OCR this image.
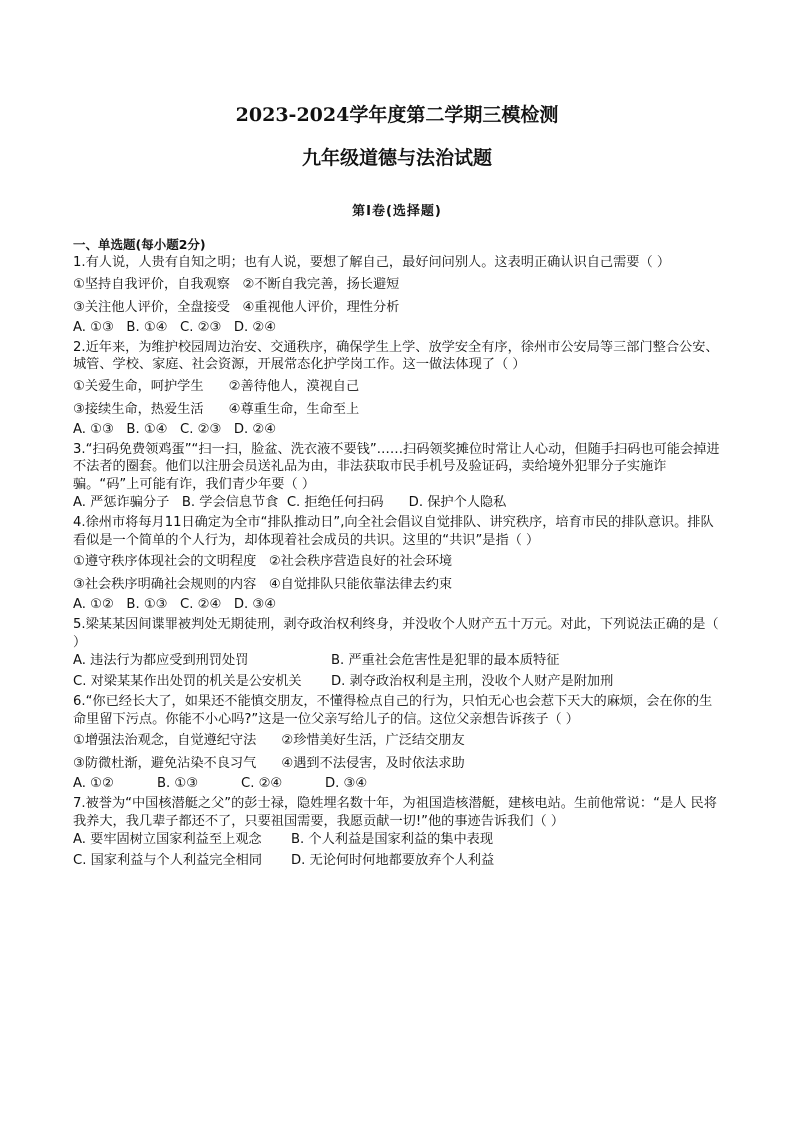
2023-2024学年度第二学期三模检测
九年级道德与法治试题
第Ⅰ卷(选择题)
一、单选题(每小题2分)

1.有人说，人贵有自知之明；也有人说，要想了解自己，最好问问别人。这表明正确认识自己需要（ ）

①坚持自我评价，自我观察   ②不断自我完善，扬长避短

③关注他人评价，全盘接受   ④重视他人评价，理性分析

A. ①③   B. ①④   C. ②③   D. ②④

2.近年来，为维护校园周边治安、交通秩序，确保学生上学、放学安全有序，徐州市公安局等三部门整合公安、城管、学校、家庭、社会资源，开展常态化护学岗工作。这一做法体现了（ ）

①关爱生命，呵护学生      ②善待他人，漠视自己

③接续生命，热爱生活      ④尊重生命，生命至上

A. ①③   B. ①④   C. ②③   D. ②④

3.“扫码免费领鸡蛋”“扫一扫，脸盆、洗衣液不要钱”……扫码领奖摊位时常让人心动，但随手扫码也可能会掉进不法者的圈套。他们以注册会员送礼品为由，非法获取市民手机号及验证码，卖给境外犯罪分子实施诈骗。“码”上可能有诈，我们青少年要（ ）

A. 严惩诈骗分子   B. 学会信息节食  C. 拒绝任何扫码      D. 保护个人隐私

4.徐州市将每月11日确定为全市“排队推动日”,向全社会倡议自觉排队、讲究秩序，培育市民的排队意识。排队看似是一个简单的个人行为，却体现着社会成员的共识。这里的“共识”是指（ ）

①遵守秩序体现社会的文明程度   ②社会秩序营造良好的社会环境

③社会秩序明确社会规则的内容   ④自觉排队只能依靠法律去约束

A. ①②   B. ①③   C. ②④   D. ③④

5.梁某某因间谍罪被判处无期徒刑，剥夺政治权利终身，并没收个人财产五十万元。对此，下列说法正确的是（ ）

A. 违法行为都应受到刑罚处罚	B. 严重社会危害性是犯罪的最本质特征
C. 对梁某某作出处罚的机关是公安机关	D. 剥夺政治权利是主刑，没收个人财产是附加刑

6.“你已经长大了，如果还不能慎交朋友，不懂得检点自己的行为，只怕无心也会惹下天大的麻烦，会在你的生命里留下污点。你能不小心吗?”这是一位父亲写给儿子的信。这位父亲想告诉孩子（ ）

①增强法治观念，自觉遵纪守法      ②珍惜美好生活，广泛结交朋友

③防微杜渐，避免沾染不良习气      ④遇到不法侵害，及时依法求助

A. ①②	B. ①③	C. ②④	D. ③④

7.被誉为“中国核潜艇之父”的彭士禄，隐姓埋名数十年，为祖国造核潜艇，建核电站。生前他常说：“是人 民将我养大，我几辈子都还不了，只要祖国需要，我愿贡献一切!”他的事迹告诉我们（ ）

A. 要牢固树立国家利益至上观念	B. 个人利益是国家利益的集中表现
C. 国家利益与个人利益完全相同	D. 无论何时何地都要放弃个人利益
